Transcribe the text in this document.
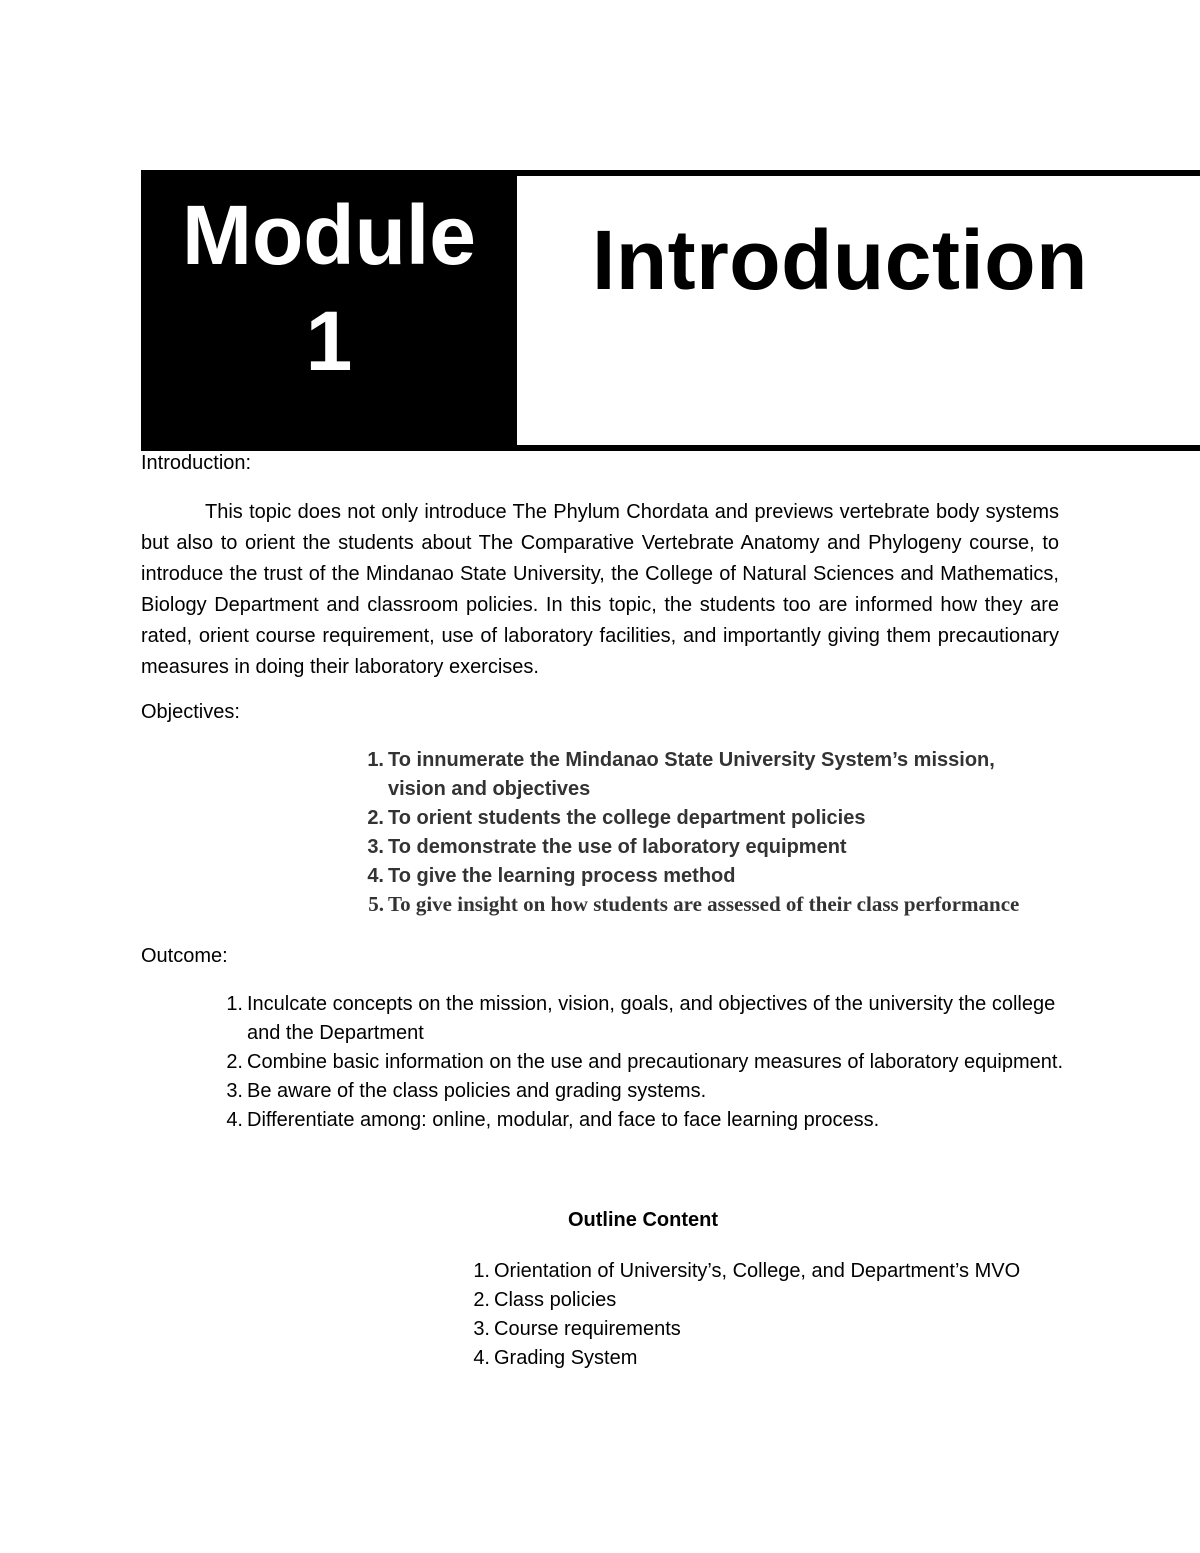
Module
1
Introduction
Introduction:

This topic does not only introduce The Phylum Chordata and previews vertebrate body systems but also to orient the students about The Comparative Vertebrate Anatomy and Phylogeny course, to introduce the trust of the Mindanao State University, the College of Natural Sciences and Mathematics, Biology Department and classroom policies. In this topic, the students too are informed how they are rated, orient course requirement, use of laboratory facilities, and importantly giving them precautionary measures in doing their laboratory exercises.

Objectives:
1. To innumerate the Mindanao State University System’s mission, vision and objectives
2. To orient students the college department policies
3. To demonstrate the use of laboratory equipment
4. To give the learning process method
5. To give insight on how students are assessed of their class performance
Outcome:
1. Inculcate concepts on the mission, vision, goals, and objectives of the university the college and the Department
2. Combine basic information on the use and precautionary measures of laboratory equipment.
3. Be aware of the class policies and grading systems.
4. Differentiate among: online, modular, and face to face learning process.
Outline Content
1. Orientation of University’s, College, and Department’s MVO
2. Class policies
3. Course requirements
4. Grading System
